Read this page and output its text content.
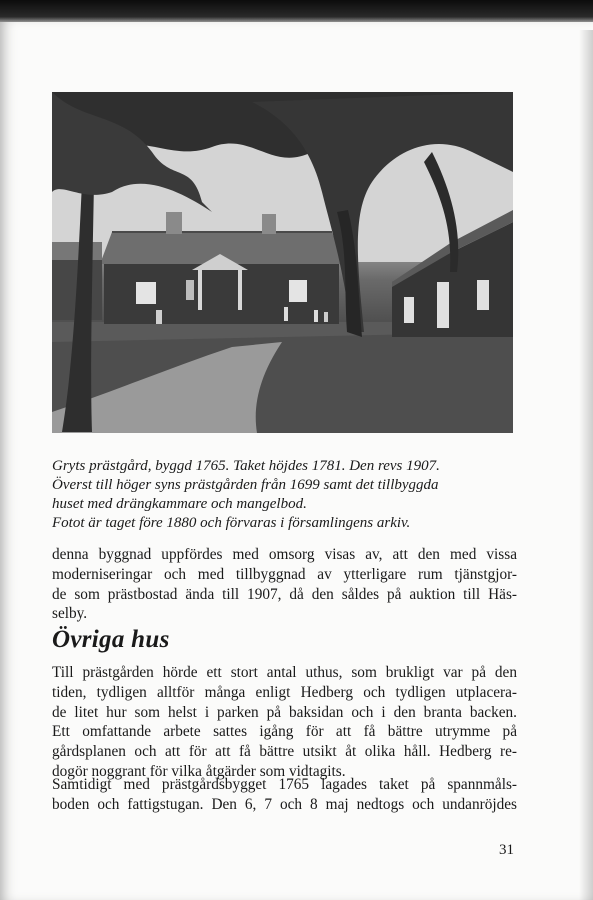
Gryts prästgård, byggd 1765. Taket höjdes 1781. Den revs 1907.
Överst till höger syns prästgården från 1699 samt det tillbyggda
huset med drängkammare och mangelbod.
Fotot är taget före 1880 och förvaras i församlingens arkiv.
denna byggnad uppfördes med omsorg visas av, att den med vissa
moderniseringar och med tillbyggnad av ytterligare rum tjänstgjor-
de som prästbostad ända till 1907, då den såldes på auktion till Häs-
selby.
Övriga hus
Till prästgården hörde ett stort antal uthus, som brukligt var på den
tiden, tydligen alltför många enligt Hedberg och tydligen utplacera-
de litet hur som helst i parken på baksidan och i den branta backen.
Ett omfattande arbete sattes igång för att få bättre utrymme på
gårdsplanen och att för att få bättre utsikt åt olika håll. Hedberg re-
dogör noggrant för vilka åtgärder som vidtagits.
Samtidigt med prästgårdsbygget 1765 lagades taket på spannmåls-
boden och fattigstugan. Den 6, 7 och 8 maj nedtogs och undanröjdes
31
